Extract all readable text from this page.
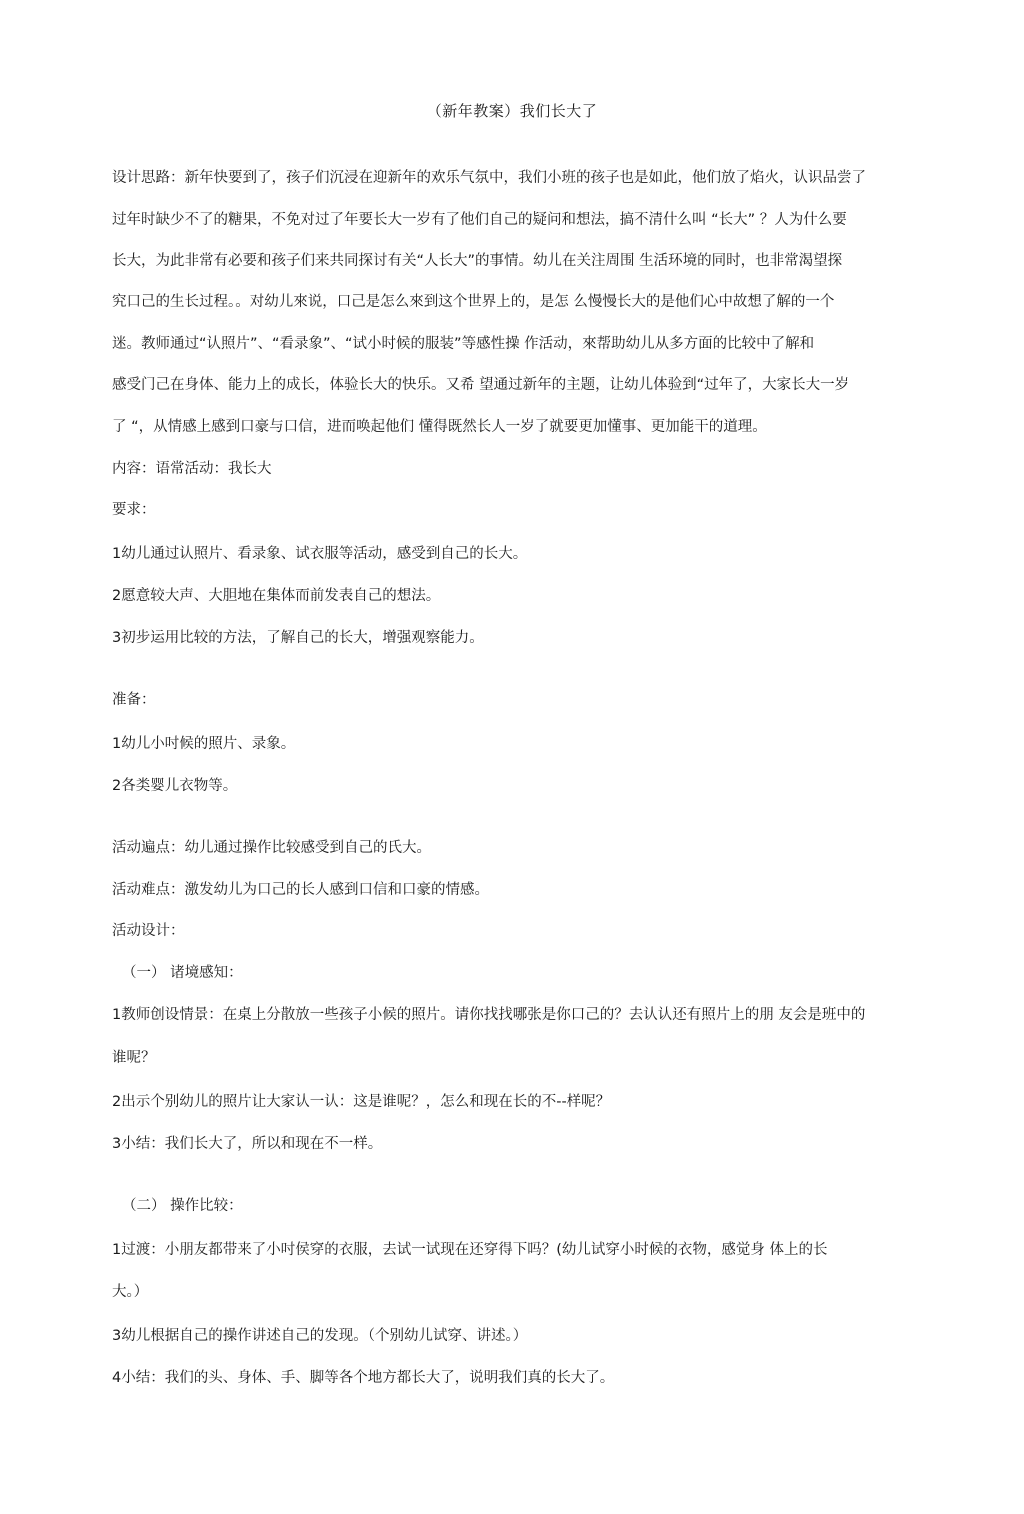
（新年教案）我们长大了
设计思路：新年快要到了，孩子们沉浸在迎新年的欢乐气氛中，我们小班的孩子也是如此，他们放了焰火，认识品尝了
过年时缺少不了的糖果，不免对过了年要长大一岁有了他们自己的疑问和想法，搞不清什么叫 “长大” ？人为什么要
长大，为此非常有必要和孩子们来共同探讨有关“人长大”的事情。幼儿在关注周围 生活环境的同时，也非常渴望探
究口己的生长过程。。对幼儿來说，口己是怎么來到这个世界上的，是怎 么慢慢长大的是他们心中故想了解的一个
迷。教师通过“认照片”、“看录象”、“试小时候的服装”等感性操 作活动，來帮助幼儿从多方面的比较中了解和
感受门己在身体、能力上的成长，体验长大的快乐。又希 望通过新年的主题，让幼儿体验到“过年了，大家长大一岁
了 “，从情感上感到口豪与口信，进而唤起他们 懂得既然长人一岁了就要更加懂事、更加能干的道理。
内容：语常活动：我长大
要求：
1幼儿通过认照片、看录象、试衣服等活动，感受到自己的长大。
2愿意较大声、大胆地在集体而前发表自己的想法。
3初步运用比较的方法，了解自己的长大，增强观察能力。
准备：
1幼儿小吋候的照片、录象。
2各类婴儿衣物等。
活动遍点：幼儿通过操作比较感受到自己的氏大。
活动难点：激发幼儿为口己的长人感到口信和口豪的情感。
活动设计：
（一） 诸境感知：
1教师创设情景：在桌上分散放一些孩子小候的照片。请你找找哪张是你口己的？去认认还有照片上的朋 友会是班中的
谁呢？
2出示个别幼儿的照片让大家认一认：这是谁呢？，怎么和现在长的不--样呢？
3小结：我们长大了，所以和现在不一样。
（二） 操作比较：
1过渡：小朋友都带来了小吋侯穿的衣服，去试一试现在还穿得下吗？(幼儿试穿小时候的衣物，感觉身 体上的长
大。）
3幼儿根据自己的操作讲述自己的发现。（个别幼儿试穿、讲述。）
4小结：我们的头、身体、手、脚等各个地方都长大了，说明我们真的长大了。
